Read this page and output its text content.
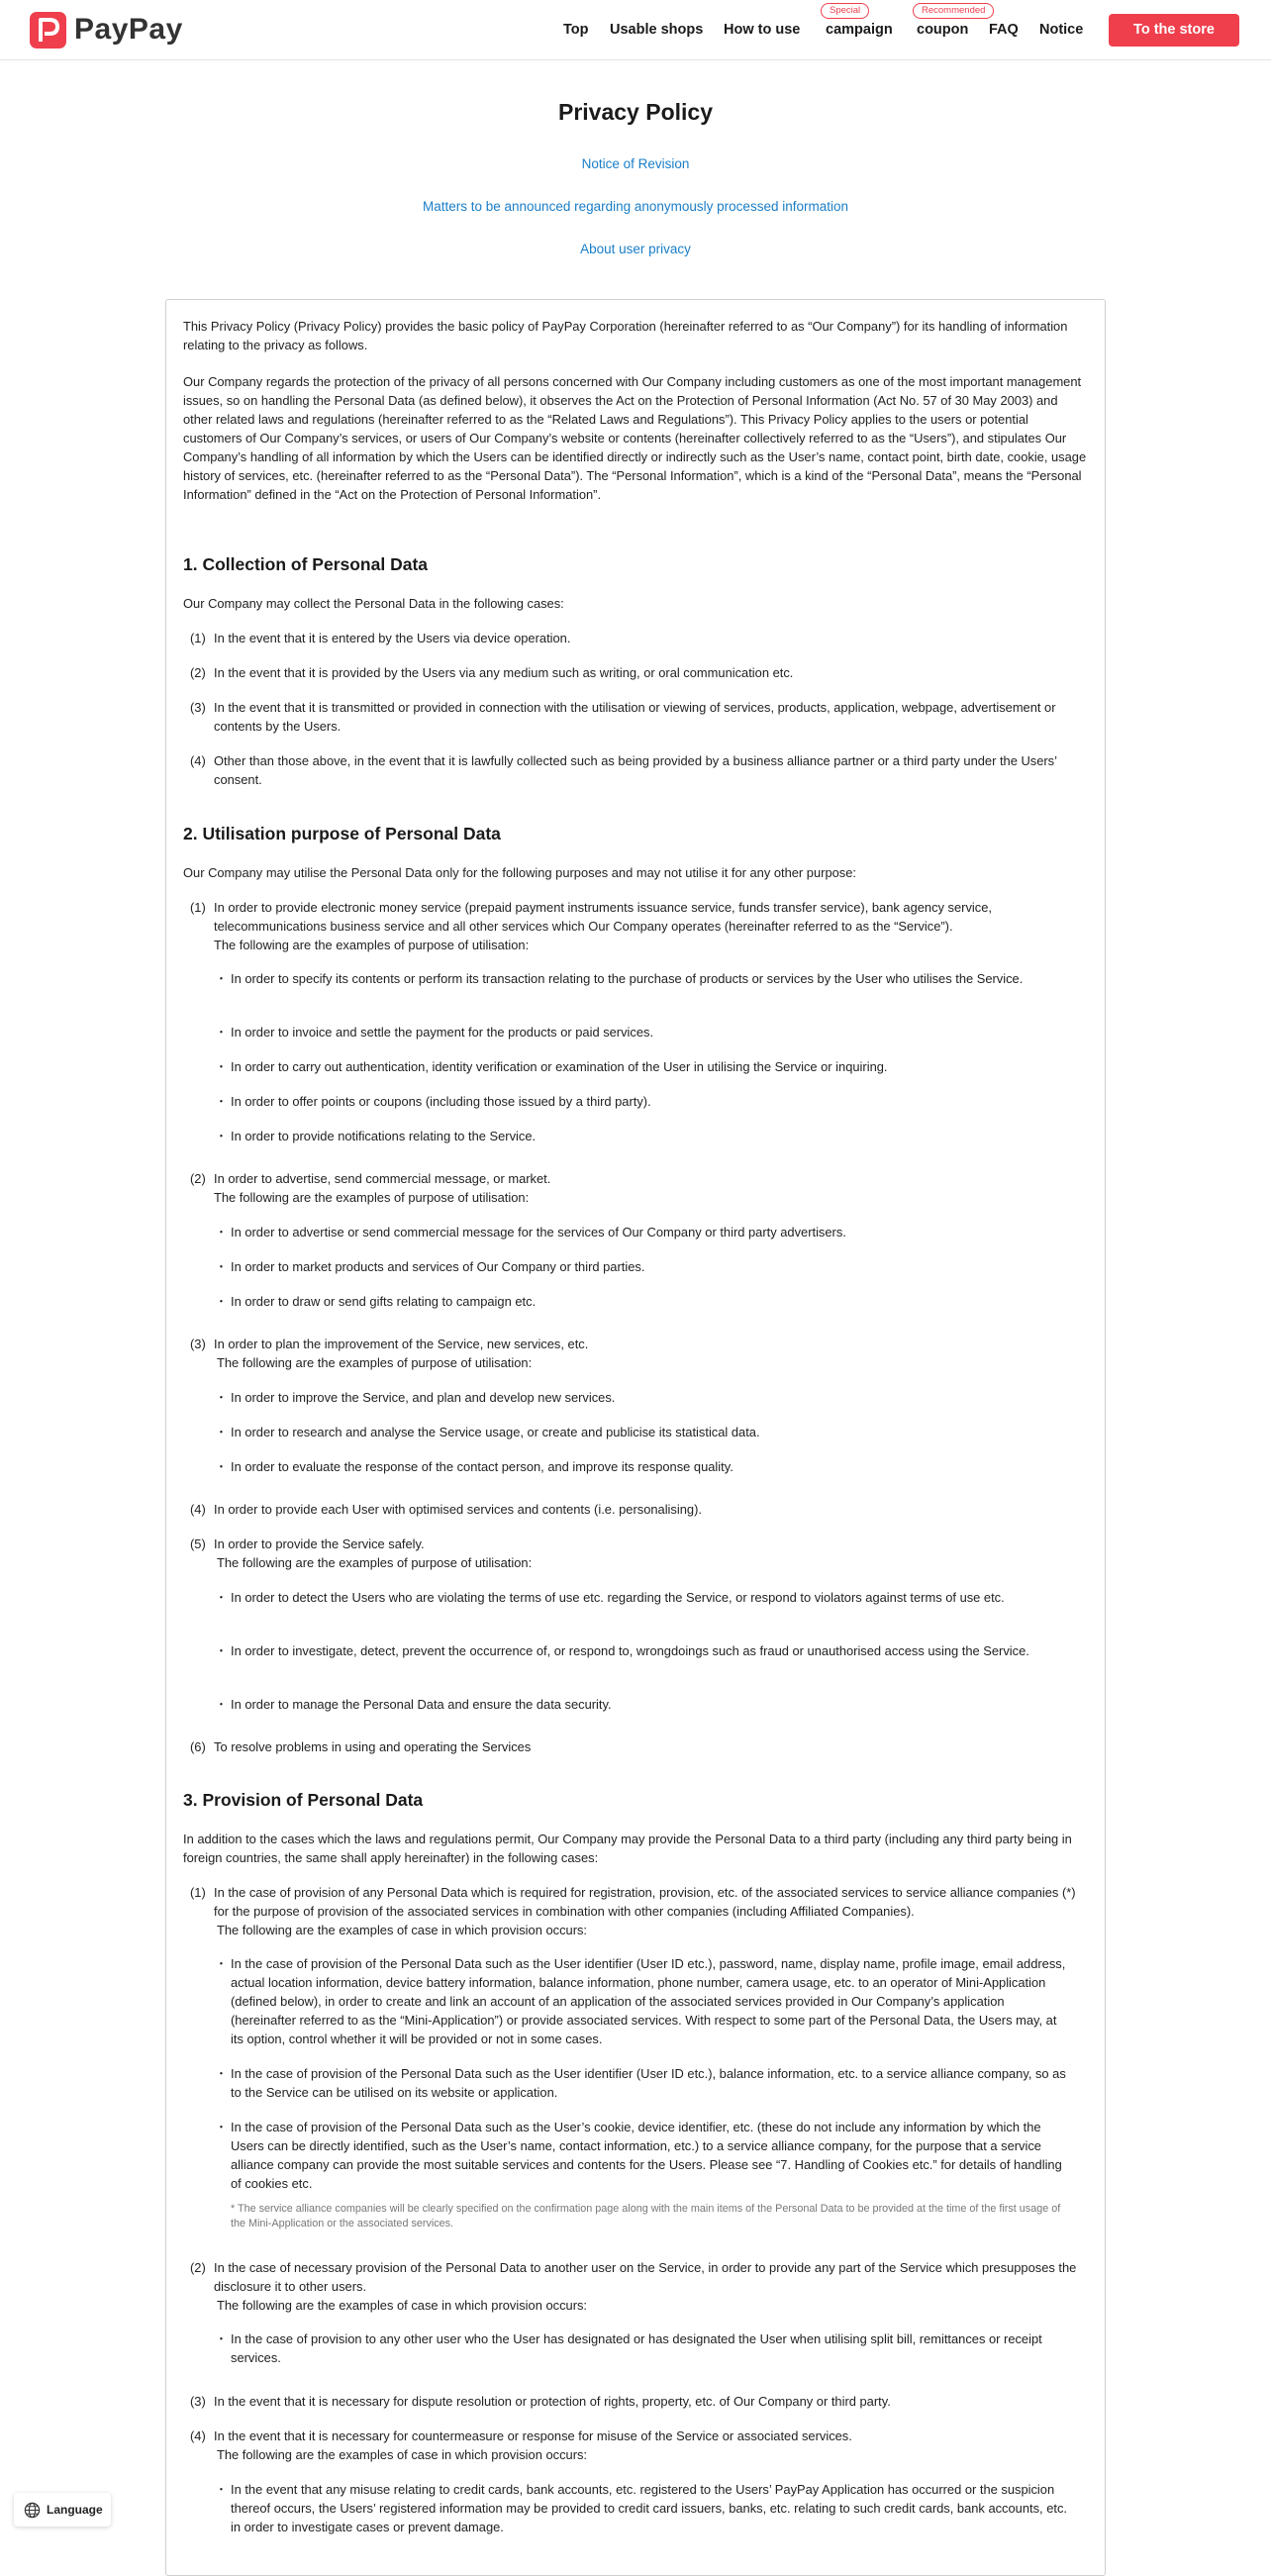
PayPay	Top Usable shops How to use
Special
campaign
Recommended
coupon FAQ Notice	To the store
Privacy Policy
Notice of Revision
Matters to be announced regarding anonymously processed information
About user privacy
This Privacy Policy (Privacy Policy) provides the basic policy of PayPay Corporation (hereinafter referred to as “Our Company”) for its handling of information relating to the privacy as follows.
Our Company regards the protection of the privacy of all persons concerned with Our Company including customers as one of the most important management issues, so on handling the Personal Data (as defined below), it observes the Act on the Protection of Personal Information (Act No. 57 of 30 May 2003) and other related laws and regulations (hereinafter referred to as the “Related Laws and Regulations”). This Privacy Policy applies to the users or potential customers of Our Company’s services, or users of Our Company’s website or contents (hereinafter collectively referred to as the “Users”), and stipulates Our Company’s handling of all information by which the Users can be identified directly or indirectly such as the User’s name, contact point, birth date, cookie, usage history of services, etc. (hereinafter referred to as the “Personal Data”). The “Personal Information”, which is a kind of the “Personal Data”, means the “Personal Information” defined in the “Act on the Protection of Personal Information”.
1. Collection of Personal Data
Our Company may collect the Personal Data in the following cases:
(1) In the event that it is entered by the Users via device operation.
(2) In the event that it is provided by the Users via any medium such as writing, or oral communication etc.
(3) In the event that it is transmitted or provided in connection with the utilisation or viewing of services, products, application, webpage, advertisement or contents by the Users.
(4) Other than those above, in the event that it is lawfully collected such as being provided by a business alliance partner or a third party under the Users’ consent.
2. Utilisation purpose of Personal Data
Our Company may utilise the Personal Data only for the following purposes and may not utilise it for any other purpose:
(1) In order to provide electronic money service (prepaid payment instruments issuance service, funds transfer service), bank agency service, telecommunications business service and all other services which Our Company operates (hereinafter referred to as the “Service”).
The following are the examples of purpose of utilisation:
・ In order to specify its contents or perform its transaction relating to the purchase of products or services by the User who utilises the Service.
・ In order to invoice and settle the payment for the products or paid services.
・ In order to carry out authentication, identity verification or examination of the User in utilising the Service or inquiring.
・ In order to offer points or coupons (including those issued by a third party).
・ In order to provide notifications relating to the Service.
(2) In order to advertise, send commercial message, or market.
The following are the examples of purpose of utilisation:
・ In order to advertise or send commercial message for the services of Our Company or third party advertisers.
・ In order to market products and services of Our Company or third parties.
・ In order to draw or send gifts relating to campaign etc.
(3) In order to plan the improvement of the Service, new services, etc.
The following are the examples of purpose of utilisation:
・ In order to improve the Service, and plan and develop new services.
・ In order to research and analyse the Service usage, or create and publicise its statistical data.
・ In order to evaluate the response of the contact person, and improve its response quality.
(4) In order to provide each User with optimised services and contents (i.e. personalising).
(5) In order to provide the Service safely.
The following are the examples of purpose of utilisation:
・ In order to detect the Users who are violating the terms of use etc. regarding the Service, or respond to violators against terms of use etc.
・ In order to investigate, detect, prevent the occurrence of, or respond to, wrongdoings such as fraud or unauthorised access using the Service.
・ In order to manage the Personal Data and ensure the data security.
(6) To resolve problems in using and operating the Services
3. Provision of Personal Data
In addition to the cases which the laws and regulations permit, Our Company may provide the Personal Data to a third party (including any third party being in foreign countries, the same shall apply hereinafter) in the following cases:
(1) In the case of provision of any Personal Data which is required for registration, provision, etc. of the associated services to service alliance companies (*) for the purpose of provision of the associated services in combination with other companies (including Affiliated Companies).
The following are the examples of case in which provision occurs:
・ In the case of provision of the Personal Data such as the User identifier (User ID etc.), password, name, display name, profile image, email address, actual location information, device battery information, balance information, phone number, camera usage, etc. to an operator of Mini-Application (defined below), in order to create and link an account of an application of the associated services provided in Our Company’s application (hereinafter referred to as the “Mini-Application”) or provide associated services. With respect to some part of the Personal Data, the Users may, at its option, control whether it will be provided or not in some cases.
・ In the case of provision of the Personal Data such as the User identifier (User ID etc.), balance information, etc. to a service alliance company, so as to the Service can be utilised on its website or application.
・ In the case of provision of the Personal Data such as the User’s cookie, device identifier, etc. (these do not include any information by which the Users can be directly identified, such as the User’s name, contact information, etc.) to a service alliance company, for the purpose that a service alliance company can provide the most suitable services and contents for the Users. Please see “7. Handling of Cookies etc.” for details of handling of cookies etc.
* The service alliance companies will be clearly specified on the confirmation page along with the main items of the Personal Data to be provided at the time of the first usage of the Mini-Application or the associated services.
(2) In the case of necessary provision of the Personal Data to another user on the Service, in order to provide any part of the Service which presupposes the disclosure it to other users.
The following are the examples of case in which provision occurs:
・ In the case of provision to any other user who the User has designated or has designated the User when utilising split bill, remittances or receipt services.
(3) In the event that it is necessary for dispute resolution or protection of rights, property, etc. of Our Company or third party.
(4) In the event that it is necessary for countermeasure or response for misuse of the Service or associated services.
The following are the examples of case in which provision occurs:
・ In the event that any misuse relating to credit cards, bank accounts, etc. registered to the Users’ PayPay Application has occurred or the suspicion thereof occurs, the Users’ registered information may be provided to credit card issuers, banks, etc. relating to such credit cards, bank accounts, etc. in order to investigate cases or prevent damage.
Language
